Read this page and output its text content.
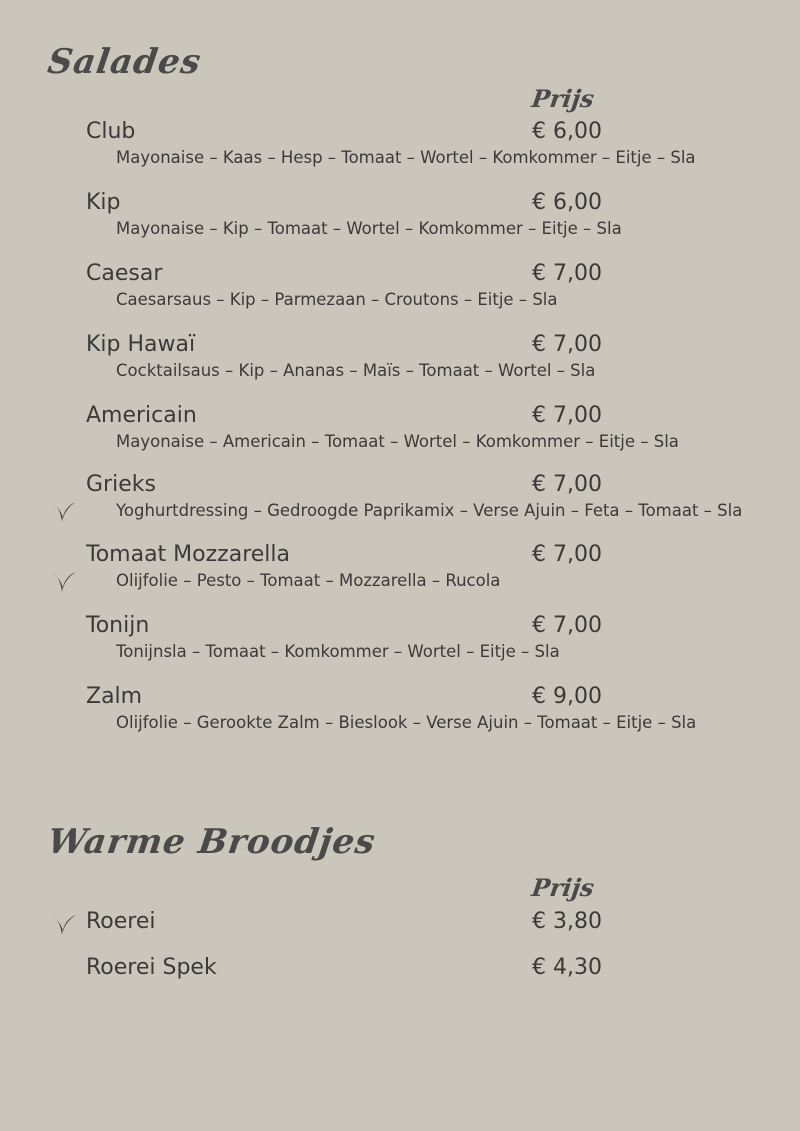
Salades
Prijs
Club	€ 6,00
Mayonaise – Kaas – Hesp – Tomaat – Wortel – Komkommer – Eitje – Sla
Kip	€ 6,00
Mayonaise – Kip – Tomaat – Wortel – Komkommer – Eitje – Sla
Caesar	€ 7,00
Caesarsaus – Kip – Parmezaan – Croutons – Eitje – Sla
Kip Hawaï	€ 7,00
Cocktailsaus – Kip – Ananas – Maïs – Tomaat – Wortel – Sla
Americain	€ 7,00
Mayonaise – Americain – Tomaat – Wortel – Komkommer – Eitje – Sla
Grieks	€ 7,00
Yoghurtdressing – Gedroogde Paprikamix – Verse Ajuin – Feta – Tomaat – Sla
Tomaat Mozzarella	€ 7,00
Olijfolie – Pesto – Tomaat – Mozzarella – Rucola
Tonijn	€ 7,00
Tonijnsla – Tomaat – Komkommer – Wortel – Eitje – Sla
Zalm	€ 9,00
Olijfolie – Gerookte Zalm – Bieslook – Verse Ajuin – Tomaat – Eitje – Sla
Warme Broodjes
Prijs
Roerei	€ 3,80
Roerei Spek	€ 4,30
